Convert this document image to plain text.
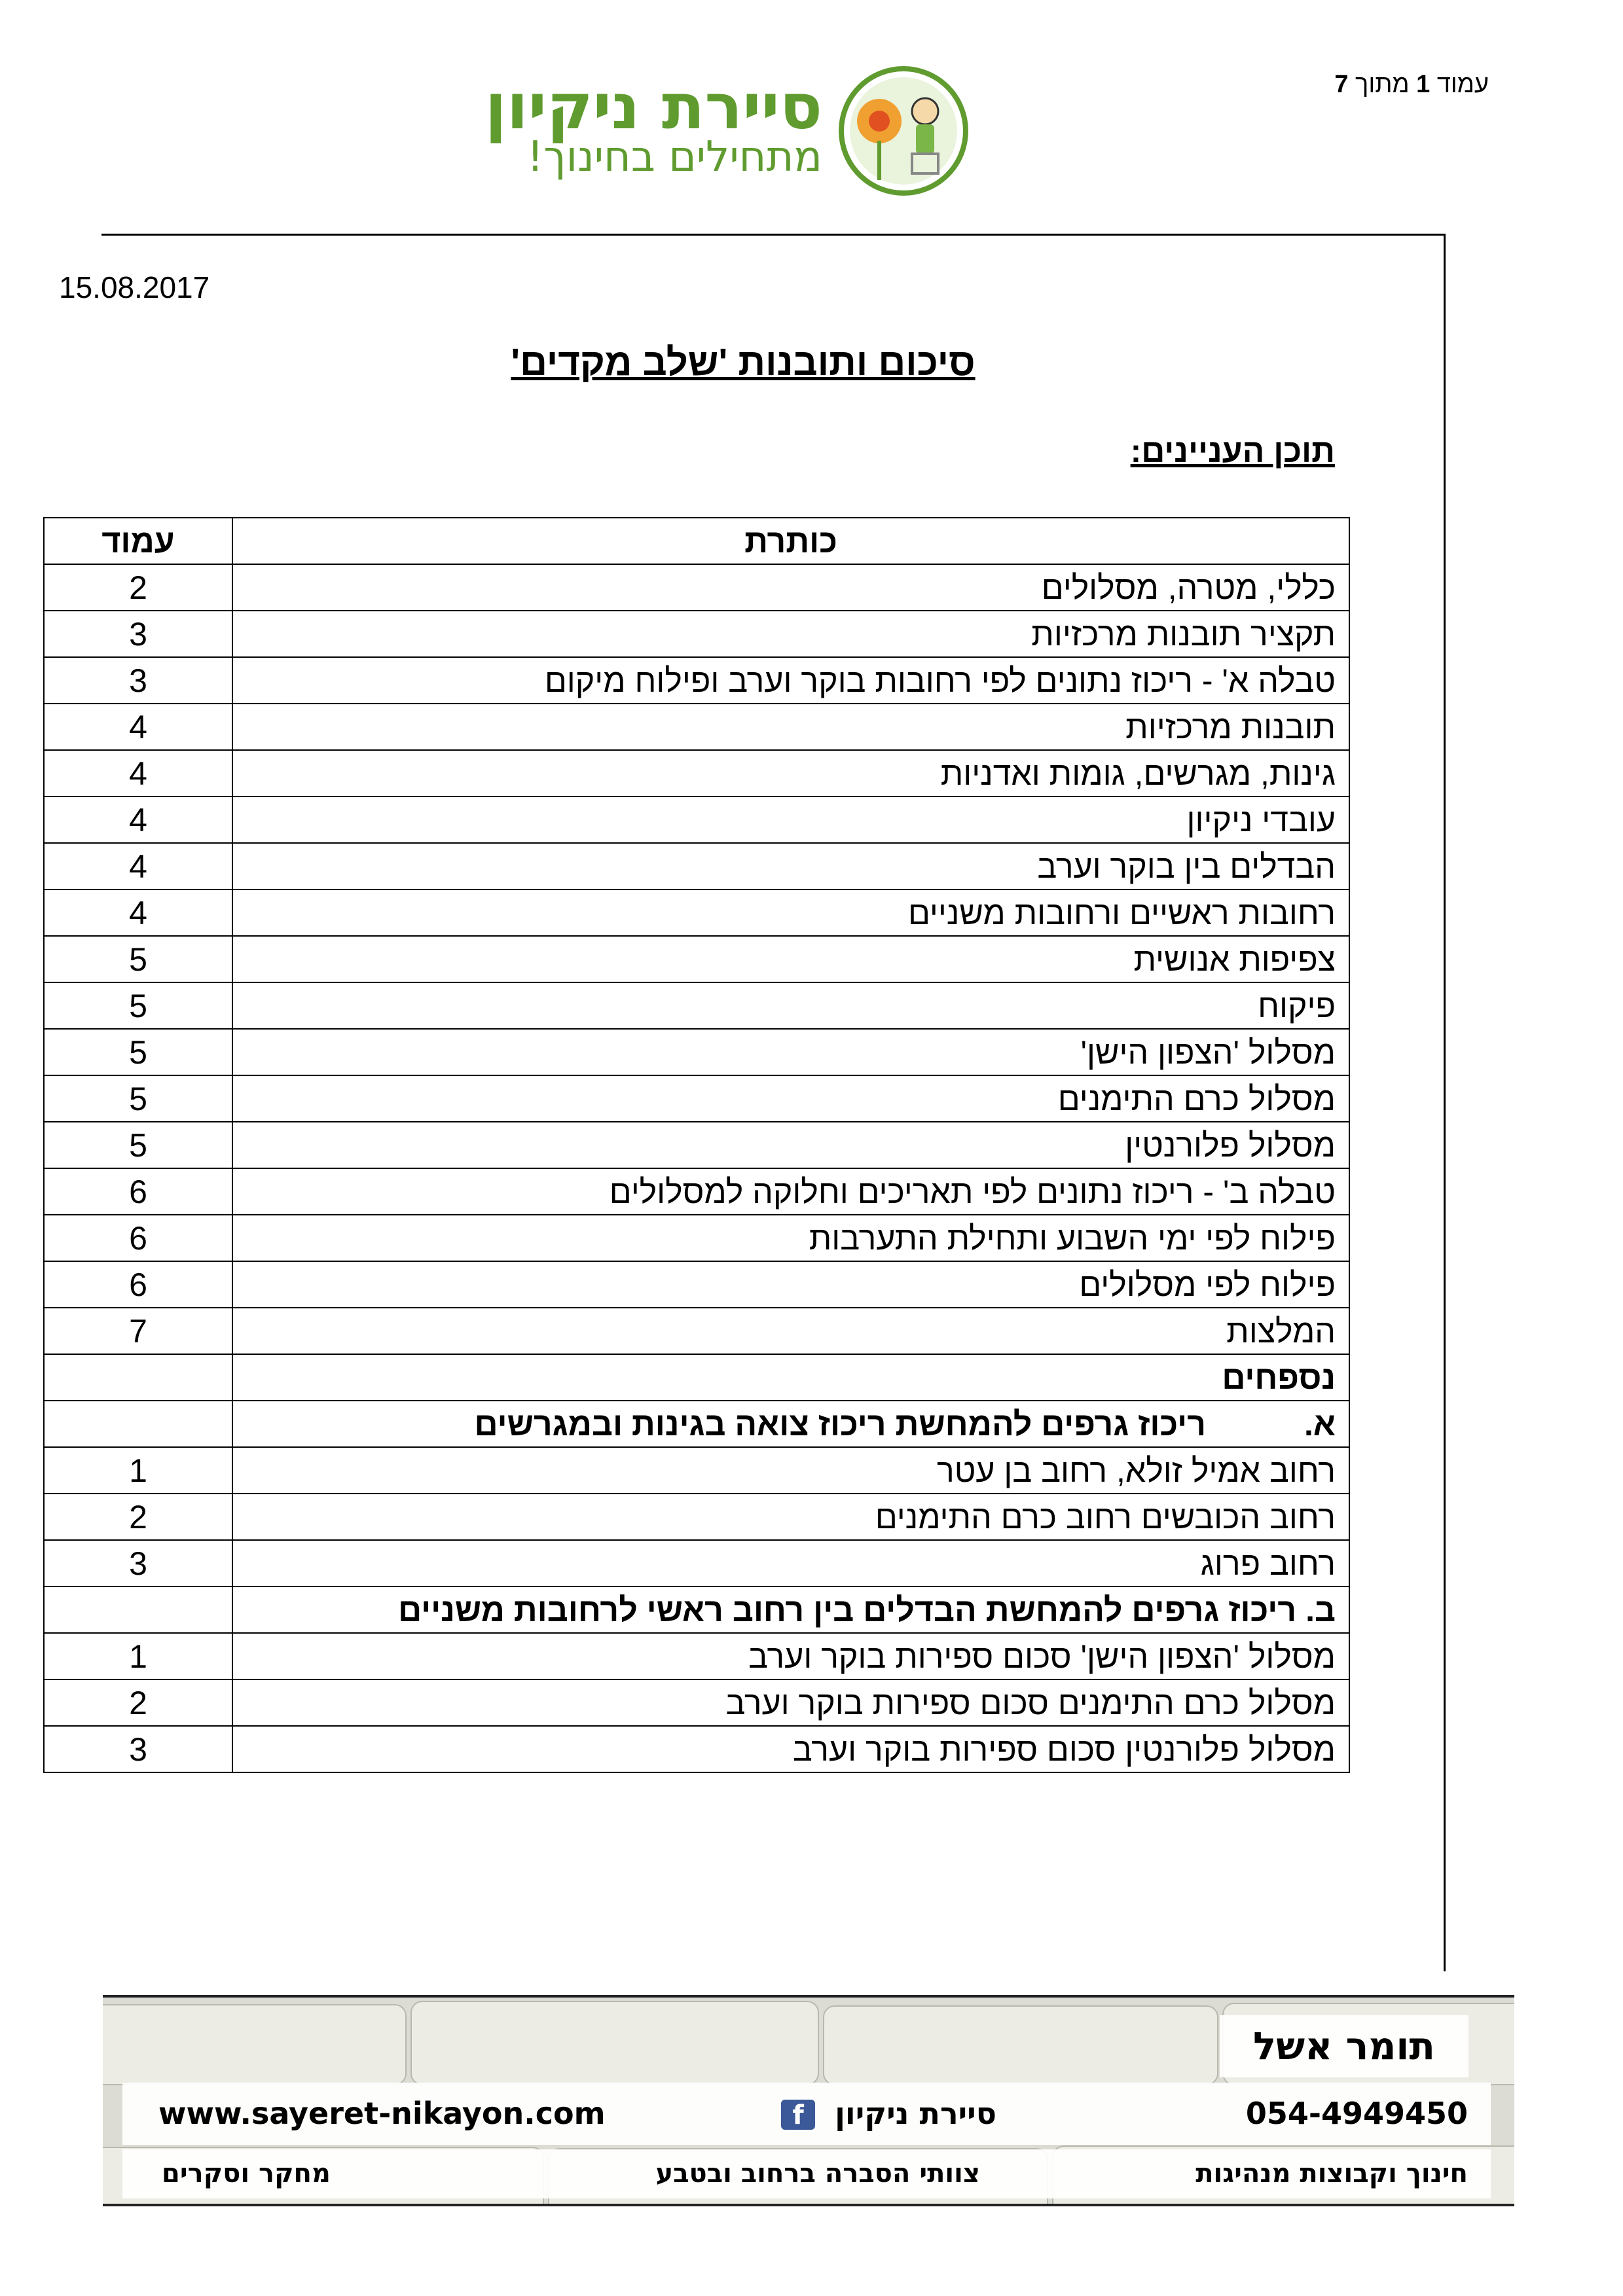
עמוד 1 מתוך 7
סיירת ניקיון
מתחילים בחינוך!
15.08.2017
סיכום ותובנות 'שלב מקדים'
תוכן העניינים:
כותרת	עמוד
כללי, מטרה, מסלולים	2
תקציר תובנות מרכזיות	3
טבלה א' - ריכוז נתונים לפי רחובות בוקר וערב ופילוח מיקום	3
תובנות מרכזיות	4
גינות, מגרשים, גומות ואדניות	4
עובדי ניקיון	4
הבדלים בין בוקר וערב	4
רחובות ראשיים ורחובות משניים	4
צפיפות אנושית	5
פיקוח	5
מסלול 'הצפון הישן'	5
מסלול כרם התימנים	5
מסלול פלורנטין	5
טבלה ב' - ריכוז נתונים לפי תאריכים וחלוקה למסלולים	6
פילוח לפי ימי השבוע ותחילת התערבות	6
פילוח לפי מסלולים	6
המלצות	7
נספחים	
א.ריכוז גרפים להמחשת ריכוז צואה בגינות ובמגרשים	
רחוב אמיל זולא, רחוב בן עטר	1
רחוב הכובשים רחוב כרם התימנים	2
רחוב פרוג	3
ב. ריכוז גרפים להמחשת הבדלים בין רחוב ראשי לרחובות משניים	
מסלול 'הצפון הישן' סכום ספירות בוקר וערב	1
מסלול כרם התימנים סכום ספירות בוקר וערב	2
מסלול פלורנטין סכום ספירות בוקר וערב	3
תומר אשל
054-4949450
סיירת ניקיון f
www.sayeret-nikayon.com
חינוך וקבוצות מנהיגות
צוותי הסברה ברחוב ובטבע
מחקר וסקרים
